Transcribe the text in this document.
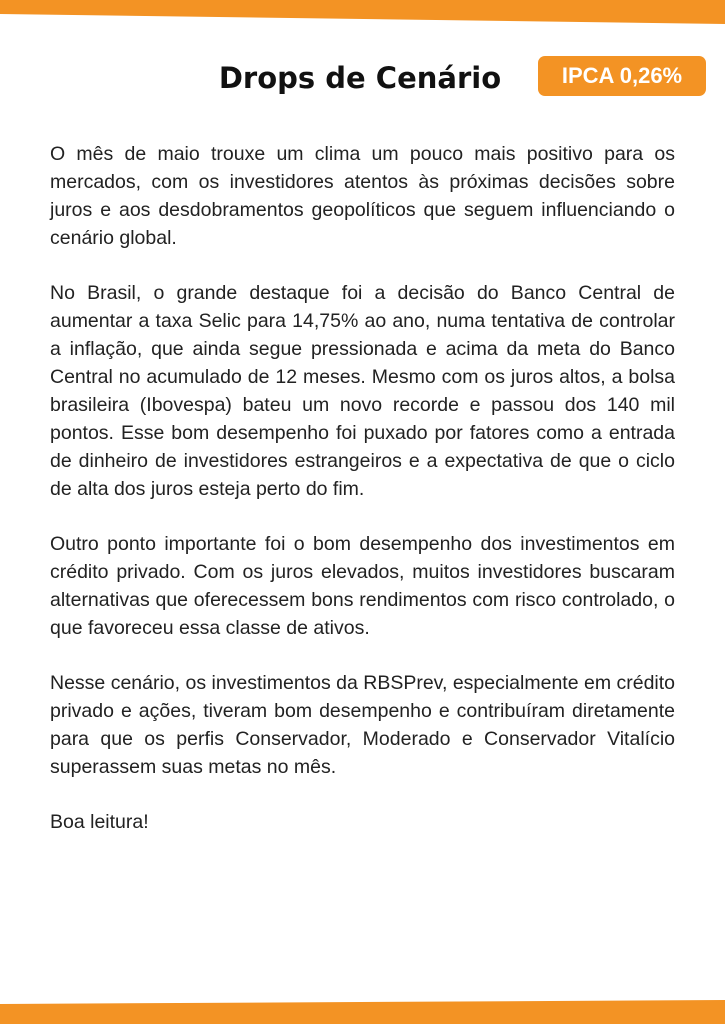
Drops de Cenário	IPCA 0,26%

O mês de maio trouxe um clima um pouco mais positivo para os mercados, com os investidores atentos às próximas decisões sobre juros e aos desdobramentos geopolíticos que seguem influenciando o cenário global.

No Brasil, o grande destaque foi a decisão do Banco Central de aumentar a taxa Selic para 14,75% ao ano, numa tentativa de controlar a inflação, que ainda segue pressionada e acima da meta do Banco Central no acumulado de 12 meses. Mesmo com os juros altos, a bolsa brasileira (Ibovespa) bateu um novo recorde e passou dos 140 mil pontos. Esse bom desempenho foi puxado por fatores como a entrada de dinheiro de investidores estrangeiros e a expectativa de que o ciclo de alta dos juros esteja perto do fim.

Outro ponto importante foi o bom desempenho dos investimentos em crédito privado. Com os juros elevados, muitos investidores buscaram alternativas que oferecessem bons rendimentos com risco controlado, o que favoreceu essa classe de ativos.

Nesse cenário, os investimentos da RBSPrev, especialmente em crédito privado e ações, tiveram bom desempenho e contribuíram diretamente para que os perfis Conservador, Moderado e Conservador Vitalício superassem suas metas no mês.

Boa leitura!
